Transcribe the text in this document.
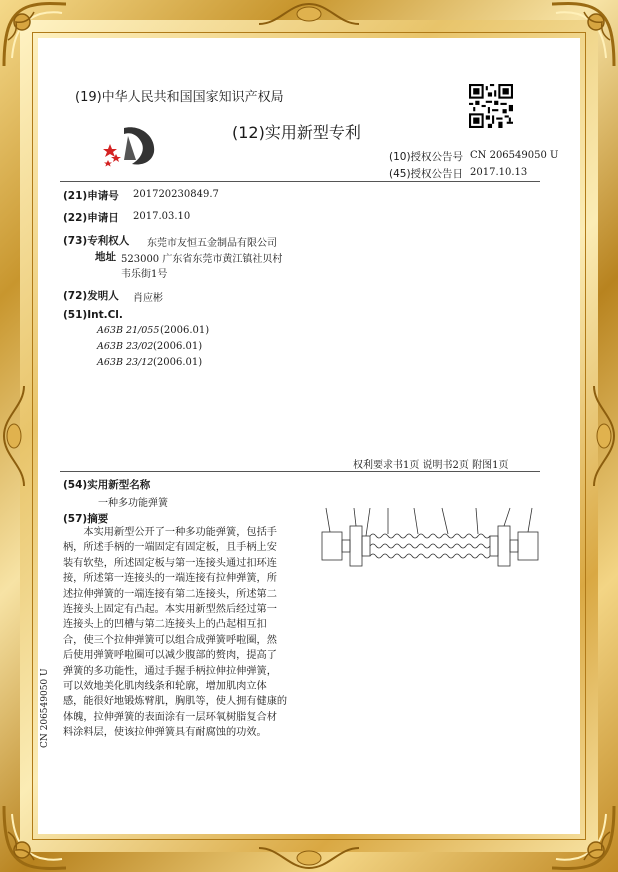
(19)中华人民共和国国家知识产权局
(12)实用新型专利
(10)授权公告号 CN 206549050 U
(45)授权公告日 2017.10.13
(21)申请号 201720230849.7
(22)申请日 2017.03.10
(73)专利权人 东莞市友恒五金制品有限公司
地址 523000 广东省东莞市黄江镇社贝村
韦乐街1号
(72)发明人 肖应彬
(51)Int.Cl.
A63B 21/055 (2006.01)
A63B 23/02 (2006.01)
A63B 23/12 (2006.01)
权利要求书1页 说明书2页 附图1页
(54)实用新型名称
一种多功能弹簧
(57)摘要

本实用新型公开了一种多功能弹簧，包括手

柄，所述手柄的一端固定有固定板，且手柄上安
装有软垫，所述固定板与第一连接头通过扣环连
接，所述第一连接头的一端连接有拉伸弹簧，所
述拉伸弹簧的一端连接有第二连接头，所述第二
连接头上固定有凸起。本实用新型然后经过第一
连接头上的凹槽与第二连接头上的凸起相互扣
合，使三个拉伸弹簧可以组合成弹簧呼啦圈，然
后使用弹簧呼啦圈可以减少腹部的赘肉，提高了
弹簧的多功能性，通过手握手柄拉伸拉伸弹簧，
可以效地美化肌肉线条和轮廓，增加肌肉立体
感，能很好地锻炼臂肌，胸肌等，使人拥有健康的
体魄，拉伸弹簧的表面涂有一层环氧树脂复合材
料涂料层，使该拉伸弹簧具有耐腐蚀的功效。
CN 206549050 U
